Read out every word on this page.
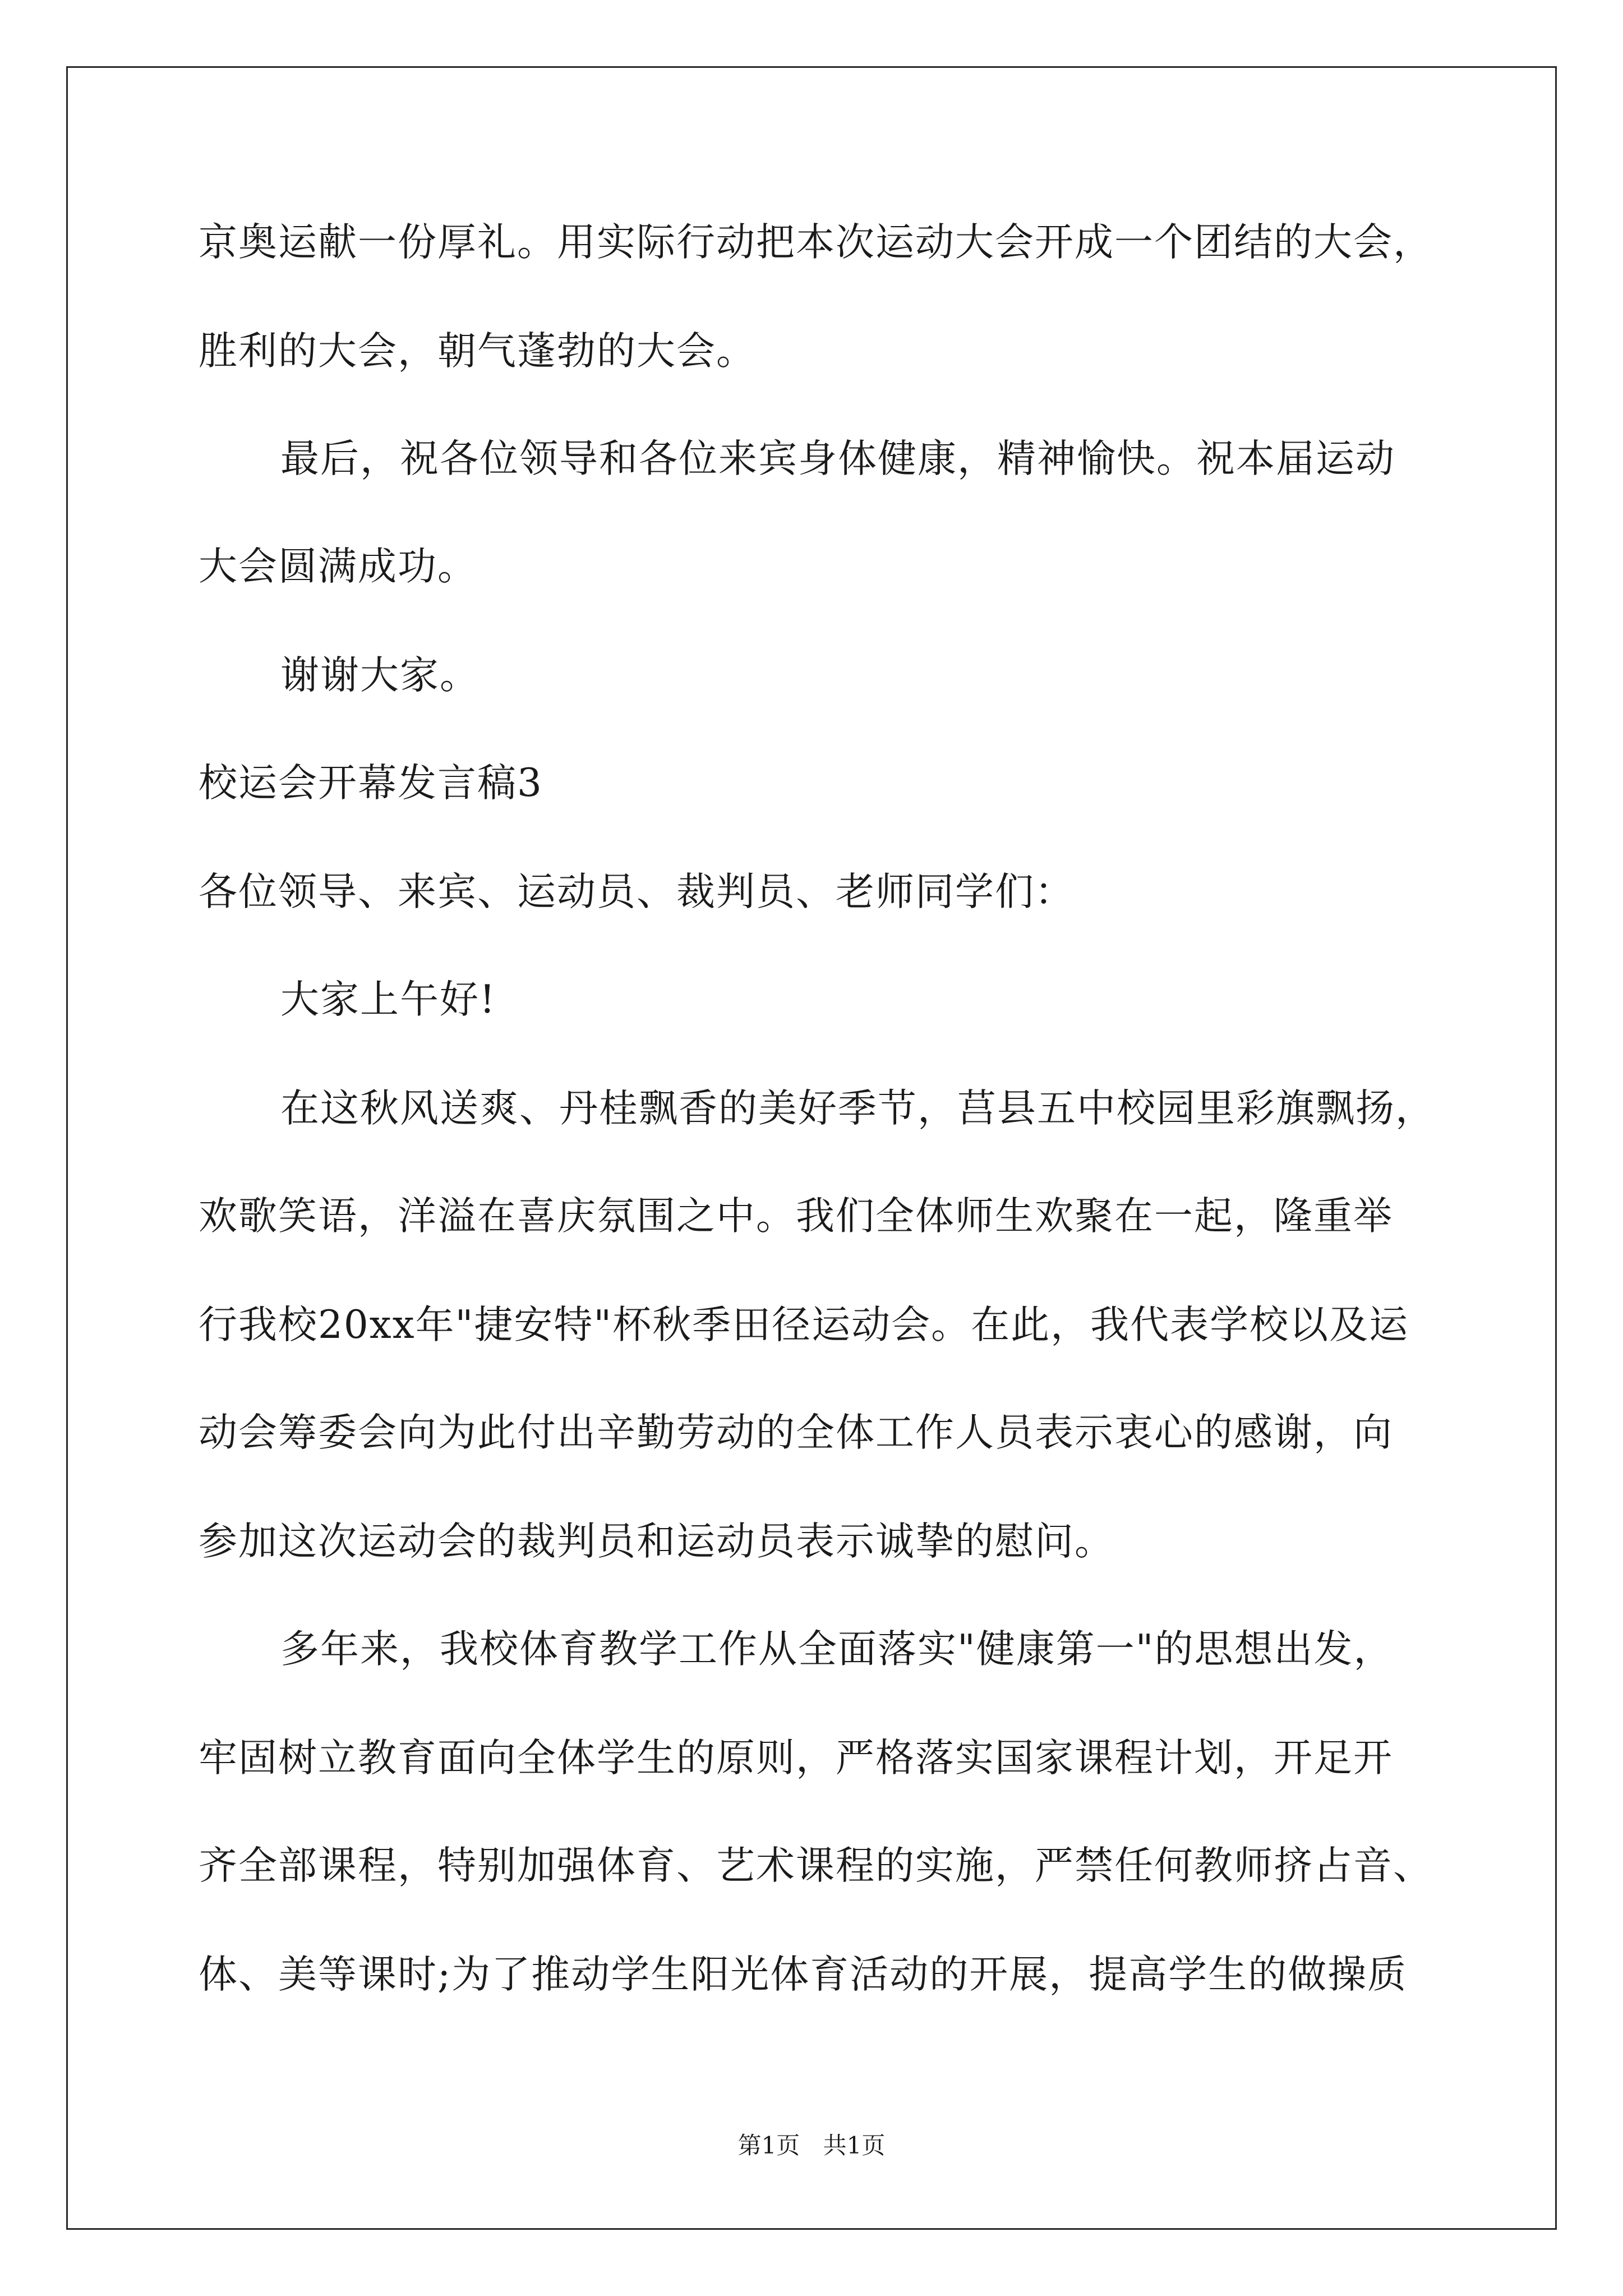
京奥运献一份厚礼。用实际行动把本次运动大会开成一个团结的大会，
胜利的大会，朝气蓬勃的大会。
最后，祝各位领导和各位来宾身体健康，精神愉快。祝本届运动
大会圆满成功。
谢谢大家。
校运会开幕发言稿3
各位领导、来宾、运动员、裁判员、老师同学们：
大家上午好!
在这秋风送爽、丹桂飘香的美好季节，莒县五中校园里彩旗飘扬，
欢歌笑语，洋溢在喜庆氛围之中。我们全体师生欢聚在一起，隆重举
行我校20xx年"捷安特"杯秋季田径运动会。在此，我代表学校以及运
动会筹委会向为此付出辛勤劳动的全体工作人员表示衷心的感谢，向
参加这次运动会的裁判员和运动员表示诚挚的慰问。
多年来，我校体育教学工作从全面落实"健康第一"的思想出发，
牢固树立教育面向全体学生的原则，严格落实国家课程计划，开足开
齐全部课程，特别加强体育、艺术课程的实施，严禁任何教师挤占音、
体、美等课时;为了推动学生阳光体育活动的开展，提高学生的做操质
第1页 共1页
